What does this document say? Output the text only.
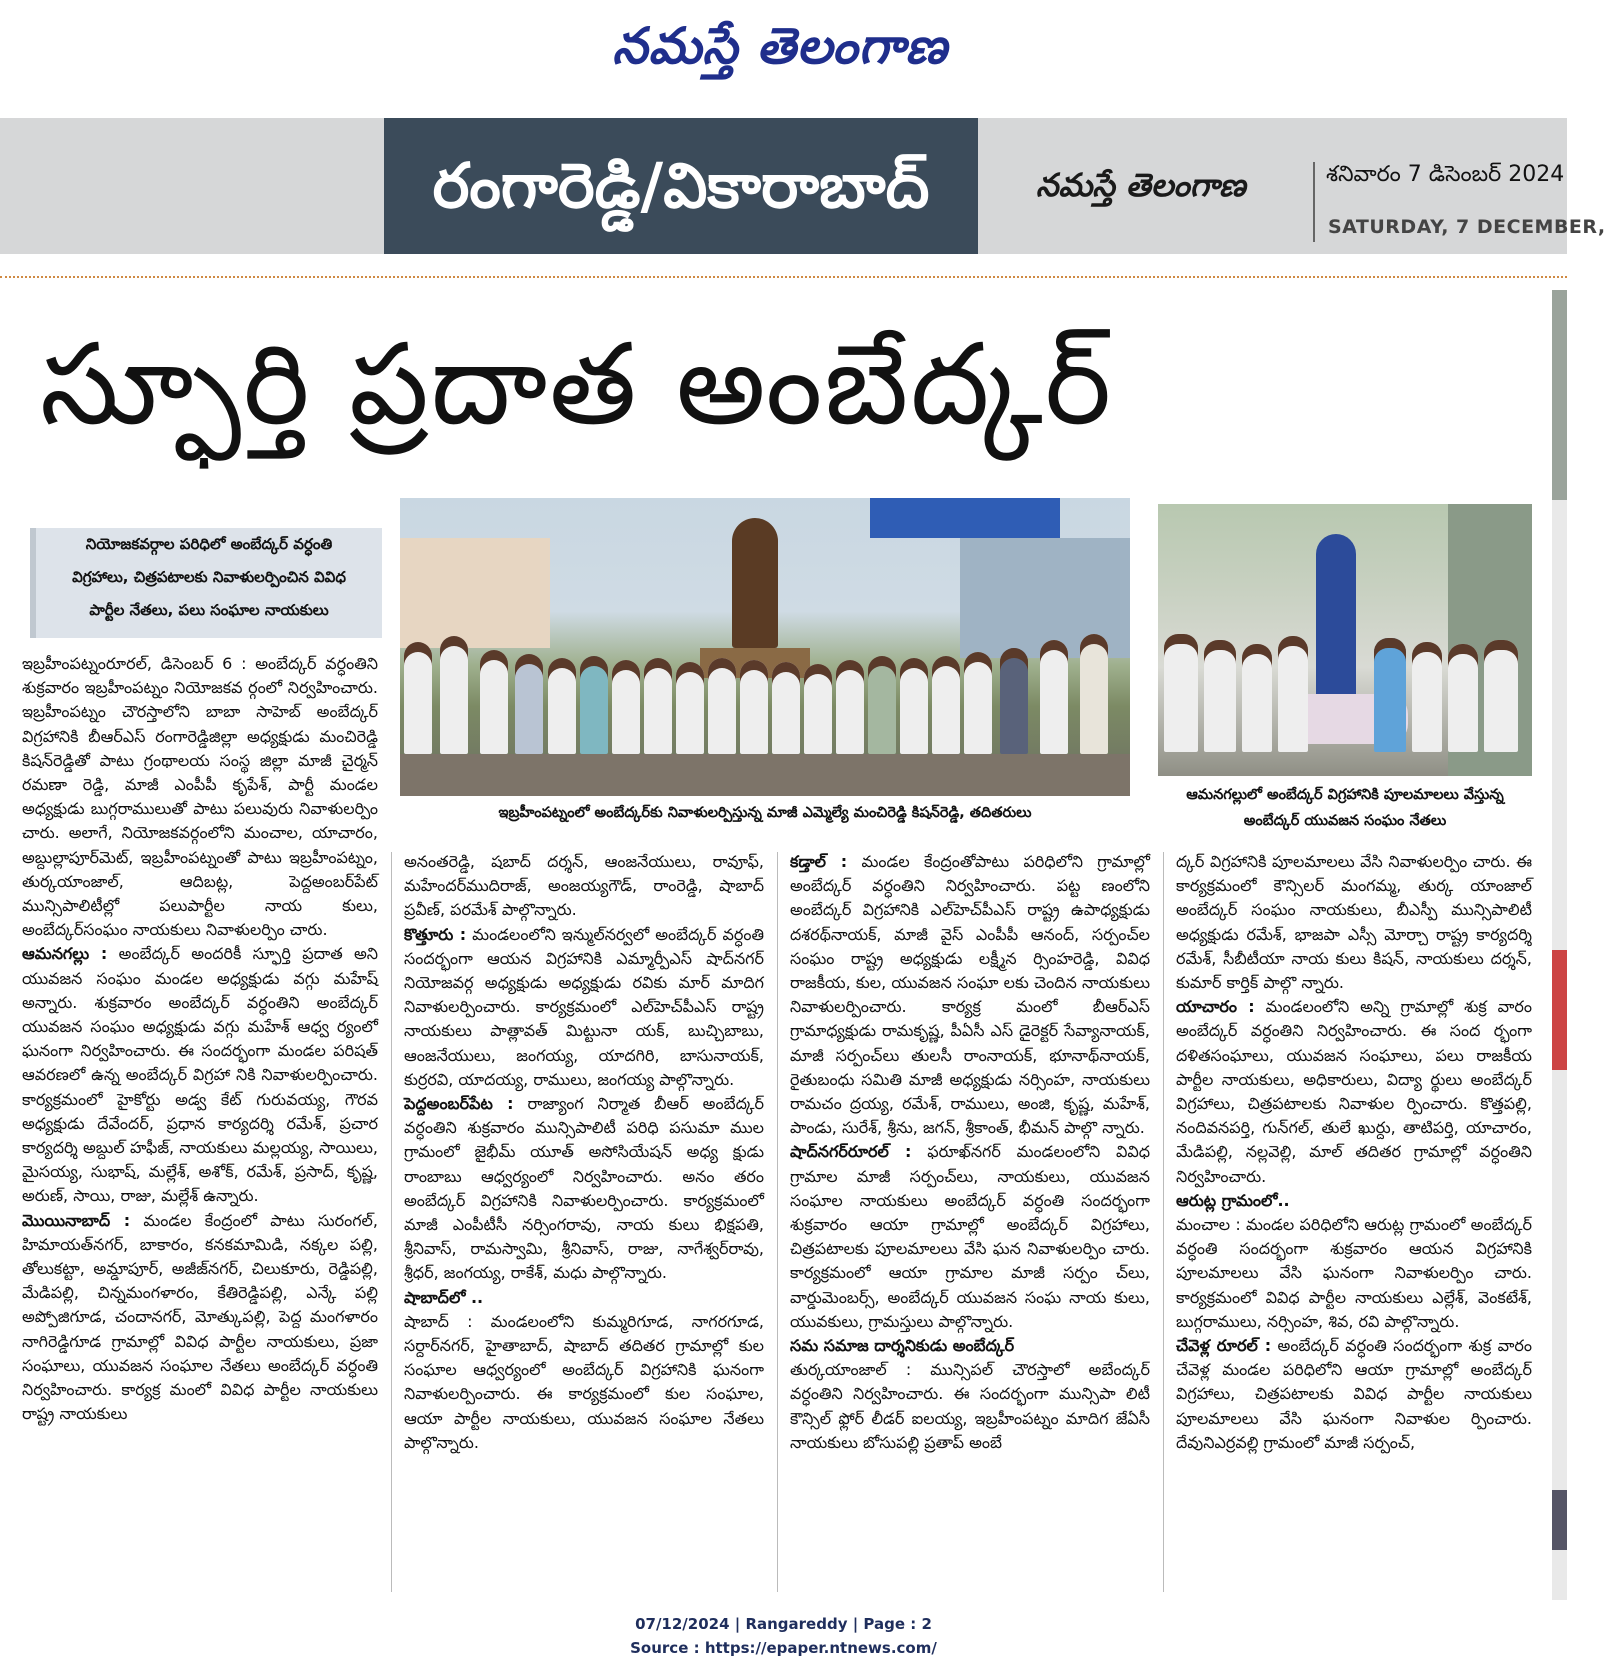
నమస్తే తెలంగాణ
రంగారెడ్డి/వికారాబాద్	నమస్తే తెలంగాణ	శనివారం 7 డిసెంబర్ 2024
SATURDAY, 7 DECEMBER,
స్ఫూర్తి ప్రదాత అంబేద్కర్
నియోజకవర్గాల పరిధిలో అంబేద్కర్ వర్ధంతి
విగ్రహాలు, చిత్రపటాలకు నివాళులర్పించిన వివిధ
పార్టీల నేతలు, పలు సంఘాల నాయకులు
ఇబ్రహీంపట్నంలో అంబేద్కర్‌కు నివాళులర్పిస్తున్న మాజీ ఎమ్మెల్యే మంచిరెడ్డి కిషన్‌రెడ్డి, తదితరులు
ఆమనగల్లులో అంబేద్కర్ విగ్రహానికి పూలమాలలు వేస్తున్న
అంబేద్కర్ యువజన సంఘం నేతలు

ఇబ్రహీంపట్నంరూరల్, డిసెంబర్ 6 : అంబేద్కర్ వర్ధంతిని శుక్రవారం ఇబ్రహీంపట్నం నియోజకవ ర్గంలో నిర్వహించారు. ఇబ్రహీంపట్నం చౌరస్తాలోని బాబా సాహెబ్ అంబేద్కర్ విగ్రహానికి బీఆర్‌ఎస్ రంగారెడ్డిజిల్లా అధ్యక్షుడు మంచిరెడ్డి కిషన్‌రెడ్డితో పాటు గ్రంథాలయ సంస్థ జిల్లా మాజీ చైర్మన్ రమణా రెడ్డి, మాజీ ఎంపీపీ కృపేశ్, పార్టీ మండల అధ్యక్షుడు బుగ్గరాములుతో పాటు పలువురు నివాళులర్పిం చారు. అలాగే, నియోజకవర్గంలోని మంచాల, యాచారం, అబ్దుల్లాపూర్‌మెట్, ఇబ్రహీంపట్నంతో పాటు ఇబ్రహీంపట్నం, తుర్కయాంజాల్, ఆదిబట్ల, పెద్దఅంబర్‌పేట్ మున్సిపాలిటీల్లో పలుపార్టీల నాయ కులు, అంబేద్కర్‌సంఘం నాయకులు నివాళులర్పిం చారు.

ఆమనగల్లు : అంబేద్కర్ అందరికీ స్ఫూర్తి ప్రదాత అని యువజన సంఘం మండల అధ్యక్షుడు వగ్గు మహేష్ అన్నారు. శుక్రవారం అంబేద్కర్ వర్ధంతిని అంబేద్కర్ యువజన సంఘం అధ్యక్షుడు వగ్గు మహేశ్ ఆధ్వ ర్యంలో ఘనంగా నిర్వహించారు. ఈ సందర్భంగా మండల పరిషత్ ఆవరణలో ఉన్న అంబేద్కర్ విగ్రహా నికి నివాళులర్పించారు. కార్యక్రమంలో హైకోర్టు అడ్వ కేట్ గురువయ్య, గౌరవ అధ్యక్షుడు దేవేందర్, ప్రధాన కార్యదర్శి రమేశ్, ప్రచార కార్యదర్శి అబ్దుల్ హఫీజ్, నాయకులు మల్లయ్య, సాయిలు, మైసయ్య, సుభాష్, మల్లేశ్, అశోక్, రమేశ్, ప్రసాద్, కృష్ణ, అరుణ్, సాయి, రాజు, మల్లేశ్ ఉన్నారు.

మొయినాబాద్ : మండల కేంద్రంలో పాటు సురంగల్, హిమాయత్‌నగర్, బాకారం, కనకమామిడి, నక్కల పల్లి, తోలుకట్టా, అమ్డాపూర్, అజీజ్‌నగర్, చిలుకూరు, రెడ్డిపల్లి, మేడిపల్లి, చిన్నమంగళారం, కేతిరెడ్డిపల్లి, ఎన్కే పల్లి అప్పోజిగూడ, చందానగర్, మోత్కుపల్లి, పెద్ద మంగళారం నాగిరెడ్డిగూడ గ్రామాల్లో వివిధ పార్టీల నాయకులు, ప్రజా సంఘాలు, యువజన సంఘాల నేతలు అంబేద్కర్ వర్ధంతి నిర్వహించారు. కార్యక్ర మంలో వివిధ పార్టీల నాయకులు రాష్ట్ర నాయకులు

అనంతరెడ్డి, షబాద్ దర్శన్, ఆంజనేయులు, రావూఫ్, మహేందర్‌ముదిరాజ్, అంజయ్యగౌడ్, రాంరెడ్డి, షాబాద్ ప్రవీణ్, పరమేశ్ పాల్గొన్నారు.

కొత్తూరు : మండలంలోని ఇన్ముల్‌నర్వలో అంబేద్కర్ వర్ధంతి సందర్భంగా ఆయన విగ్రహానికి ఎమ్మార్పీఎస్ షాద్‌నగర్ నియోజవర్గ అధ్యక్షుడు అధ్యక్షుడు రవికు మార్ మాదిగ నివాళులర్పించారు. కార్యక్రమంలో ఎల్‌హెచ్‌పీఎస్ రాష్ట్ర నాయకులు పాత్లావత్ మిట్టునా యక్, బుచ్చిబాబు, ఆంజనేయులు, జంగయ్య, యాదగిరి, బాసునాయక్, కుర్రరవి, యాదయ్య, రాములు, జంగయ్య పాల్గొన్నారు.

పెద్దఅంబర్‌పేట : రాజ్యాంగ నిర్మాత బీఆర్ అంబేద్కర్ వర్ధంతిని శుక్రవారం మున్సిపాలిటీ పరిధి పసుమా ముల గ్రామంలో జైభీమ్ యూత్ అసోసియేషన్ అధ్య క్షుడు రాంబాబు ఆధ్వర్యంలో నిర్వహించారు. అనం తరం అంబేద్కర్ విగ్రహానికి నివాళులర్పించారు. కార్యక్రమంలో మాజీ ఎంపీటీసీ నర్సింగరావు, నాయ కులు భిక్షపతి, శ్రీనివాస్, రామస్వామి, శ్రీనివాస్, రాజు, నాగేశ్వర్‌రావు, శ్రీధర్, జంగయ్య, రాకేశ్, మధు పాల్గొన్నారు.

షాబాద్‌లో ..

షాబాద్ : మండలంలోని కుమ్మరిగూడ, నాగరగూడ, సర్దార్‌నగర్, హైతాబాద్, షాబాద్ తదితర గ్రామాల్లో కుల సంఘాల ఆధ్వర్యంలో అంబేద్కర్ విగ్రహానికి ఘనంగా నివాళులర్పించారు. ఈ కార్యక్రమంలో కుల సంఘాల, ఆయా పార్టీల నాయకులు, యువజన సంఘాల నేతలు పాల్గొన్నారు.

కడ్తాల్ : మండల కేంద్రంతోపాటు పరిధిలోని గ్రామాల్లో అంబేద్కర్ వర్ధంతిని నిర్వహించారు. పట్ట ణంలోని అంబేద్కర్ విగ్రహానికి ఎల్‌హెచ్‌పీఎస్ రాష్ట్ర ఉపాధ్యక్షుడు దశరథ్‌నాయక్, మాజీ వైస్ ఎంపీపీ ఆనంద్, సర్పంచ్‌ల సంఘం రాష్ట్ర అధ్యక్షుడు లక్ష్మీన ర్సింహరెడ్డి, వివిధ రాజకీయ, కుల, యువజన సంఘా లకు చెందిన నాయకులు నివాళులర్పించారు. కార్యక్ర మంలో బీఆర్‌ఎస్ గ్రామాధ్యక్షుడు రామకృష్ణ, పీఏసీ ఎస్ డైరెక్టర్ సేవ్యానాయక్, మాజీ సర్పంచ్‌లు తులసీ రాంనాయక్, భూనాథ్‌నాయక్, రైతుబంధు సమితి మాజీ అధ్యక్షుడు నర్సింహ, నాయకులు రామచం ద్రయ్య, రమేశ్, రాములు, అంజి, కృష్ణ, మహేశ్, పాండు, సురేశ్, శ్రీను, జగన్, శ్రీకాంత్, భీమన్ పాల్గొ న్నారు.

షాద్‌నగర్‌రూరల్ : ఫరూఖ్‌నగర్ మండలంలోని వివిధ గ్రామాల మాజీ సర్పంచ్‌లు, నాయకులు, యువజన సంఘాల నాయకులు అంబేద్కర్ వర్ధంతి సందర్భంగా శుక్రవారం ఆయా గ్రామాల్లో అంబేద్కర్ విగ్రహాలు, చిత్రపటాలకు పూలమాలలు వేసి ఘన నివాళులర్పిం చారు. కార్యక్రమంలో ఆయా గ్రామాల మాజీ సర్పం చ్‌లు, వార్డుమెంబర్స్, అంబేద్కర్ యువజన సంఘ నాయ కులు, యువకులు, గ్రామస్తులు పాల్గొన్నారు.

సమ సమాజ దార్శనికుడు అంబేద్కర్

తుర్కయాంజాల్ : మున్సిపల్ చౌరస్తాలో అబేంద్కర్ వర్ధంతిని నిర్వహించారు. ఈ సందర్భంగా మున్సిపా లిటీ కౌన్సిల్ ఫ్లోర్ లీడర్ ఐలయ్య, ఇబ్రహీంపట్నం మాదిగ జేఏసీ నాయకులు బోసుపల్లి ప్రతాప్ అంబే

ద్కర్ విగ్రహానికి పూలమాలలు వేసి నివాళులర్పిం చారు. ఈ కార్యక్రమంలో కౌన్సిలర్ మంగమ్మ, తుర్క యాంజాల్ అంబేద్కర్ సంఘం నాయకులు, బీఎస్పీ మున్సిపాలిటీ అధ్యక్షుడు రమేశ్, భాజపా ఎస్సీ మోర్చా రాష్ట్ర కార్యదర్శి రమేశ్, సీబీటీయా నాయ కులు కిషన్, నాయకులు దర్శన్, కుమార్ కార్తిక్ పాల్గొ న్నారు.

యాచారం : మండలంలోని అన్ని గ్రామాల్లో శుక్ర వారం అంబేద్కర్ వర్ధంతిని నిర్వహించారు. ఈ సంద ర్భంగా దళితసంఘాలు, యువజన సంఘాలు, పలు రాజకీయ పార్టీల నాయకులు, అధికారులు, విద్యా ర్థులు అంబేద్కర్ విగ్రహాలు, చిత్రపటాలకు నివాళుల ర్పించారు. కొత్తపల్లి, నందివనపర్తి, గున్‌గల్, తులే ఖుర్దు, తాటిపర్తి, యాచారం, మేడిపల్లి, నల్లవెల్లి, మాల్ తదితర గ్రామాల్లో వర్ధంతిని నిర్వహించారు.

ఆరుట్ల గ్రామంలో..

మంచాల : మండల పరిధిలోని ఆరుట్ల గ్రామంలో అంబేద్కర్ వర్ధంతి సందర్భంగా శుక్రవారం ఆయన విగ్రహానికి పూలమాలలు వేసి ఘనంగా నివాళులర్పిం చారు. కార్యక్రమంలో వివిధ పార్టీల నాయకులు ఎల్లేశ్, వెంకటేశ్, బుగ్గరాములు, నర్సింహ, శివ, రవి పాల్గొన్నారు.

చేవెళ్ల రూరల్ : అంబేద్కర్ వర్ధంతి సందర్భంగా శుక్ర వారం చేవెళ్ల మండల పరిధిలోని ఆయా గ్రామాల్లో అంబేద్కర్ విగ్రహాలు, చిత్రపటాలకు వివిధ పార్టీల నాయకులు పూలమాలలు వేసి ఘనంగా నివాళుల ర్పించారు. దేవునిఎర్రవల్లి గ్రామంలో మాజీ సర్పంచ్,

07/12/2024 | Rangareddy | Page : 2
Source : https://epaper.ntnews.com/
